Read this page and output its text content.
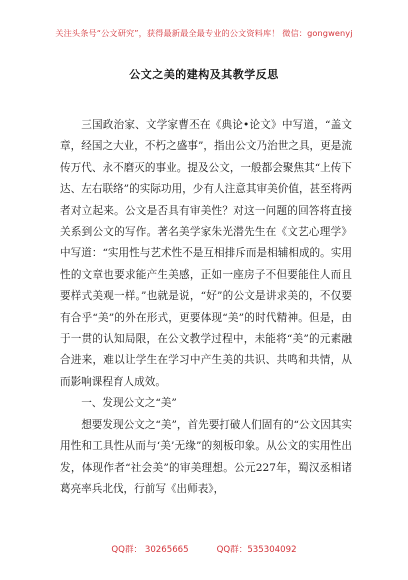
关注头条号“公文研究”，获得最新最全最专业的公文资料库！ 微信：gongwenyj
公文之美的建构及其教学反思

三国政治家、文学家曹丕在《典论•论文》中写道，“盖文章，经国之大业，不朽之盛事”，指出公文乃治世之具，更是流传万代、永不磨灭的事业。提及公文，一般都会聚焦其“上传下达、左右联络”的实际功用，少有人注意其审美价值，甚至将两者对立起来。公文是否具有审美性？对这一问题的回答将直接关系到公文的写作。著名美学家朱光潜先生在《文艺心理学》中写道：“实用性与艺术性不是互相排斥而是相辅相成的。实用性的文章也要求能产生美感，正如一座房子不但要能住人而且要样式美观一样。”也就是说，“好”的公文是讲求美的，不仅要有合乎“美”的外在形式，更要体现“美”的时代精神。但是，由于一贯的认知局限，在公文教学过程中，未能将“美”的元素融合进来，难以让学生在学习中产生美的共识、共鸣和共情，从而影响课程育人成效。

一、发现公文之“美”

想要发现公文之“美”，首先要打破人们固有的“公文因其实用性和工具性从而与‘美’无缘”的刻板印象。从公文的实用性出发，体现作者“社会美”的审美理想。公元227年，蜀汉丞相诸葛亮率兵北伐，行前写《出师表》，

QQ群： 30265665	QQ群：535304092
